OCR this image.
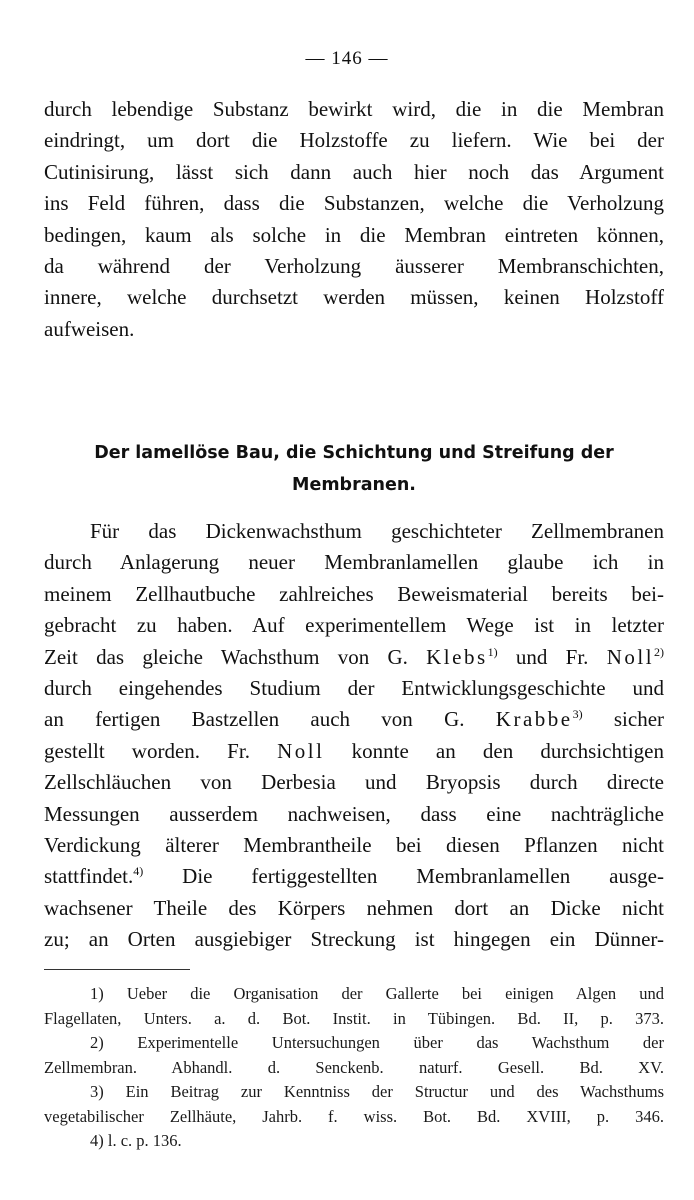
— 146 —
durch lebendige Substanz bewirkt wird, die in die Membran
eindringt, um dort die Holzstoffe zu liefern. Wie bei der
Cutinisirung, lässt sich dann auch hier noch das Argument
ins Feld führen, dass die Substanzen, welche die Verholzung
bedingen, kaum als solche in die Membran eintreten können,
da während der Verholzung äusserer Membranschichten,
innere, welche durchsetzt werden müssen, keinen Holzstoff
aufweisen.
Der lamellöse Bau, die Schichtung und Streifung der
Membranen.
Für das Dickenwachsthum geschichteter Zellmembranen
durch Anlagerung neuer Membranlamellen glaube ich in
meinem Zellhautbuche zahlreiches Beweismaterial bereits bei-
gebracht zu haben. Auf experimentellem Wege ist in letzter
Zeit das gleiche Wachsthum von G. Klebs$^{1)}$ und Fr. Noll$^{2)}$
durch eingehendes Studium der Entwicklungsgeschichte und
an fertigen Bastzellen auch von G. Krabbe$^{3)}$ sicher
gestellt worden. Fr. Noll konnte an den durchsichtigen
Zellschläuchen von Derbesia und Bryopsis durch directe
Messungen ausserdem nachweisen, dass eine nachträgliche
Verdickung älterer Membrantheile bei diesen Pflanzen nicht
stattfindet.$^{4)}$ Die fertiggestellten Membranlamellen ausge-
wachsener Theile des Körpers nehmen dort an Dicke nicht
zu; an Orten ausgiebiger Streckung ist hingegen ein Dünner-
1) Ueber die Organisation der Gallerte bei einigen Algen und
Flagellaten, Unters. a. d. Bot. Instit. in Tübingen. Bd. II, p. 373.
2) Experimentelle Untersuchungen über das Wachsthum der
Zellmembran. Abhandl. d. Senckenb. naturf. Gesell. Bd. XV.
3) Ein Beitrag zur Kenntniss der Structur und des Wachsthums
vegetabilischer Zellhäute, Jahrb. f. wiss. Bot. Bd. XVIII, p. 346.
4) l. c. p. 136.
